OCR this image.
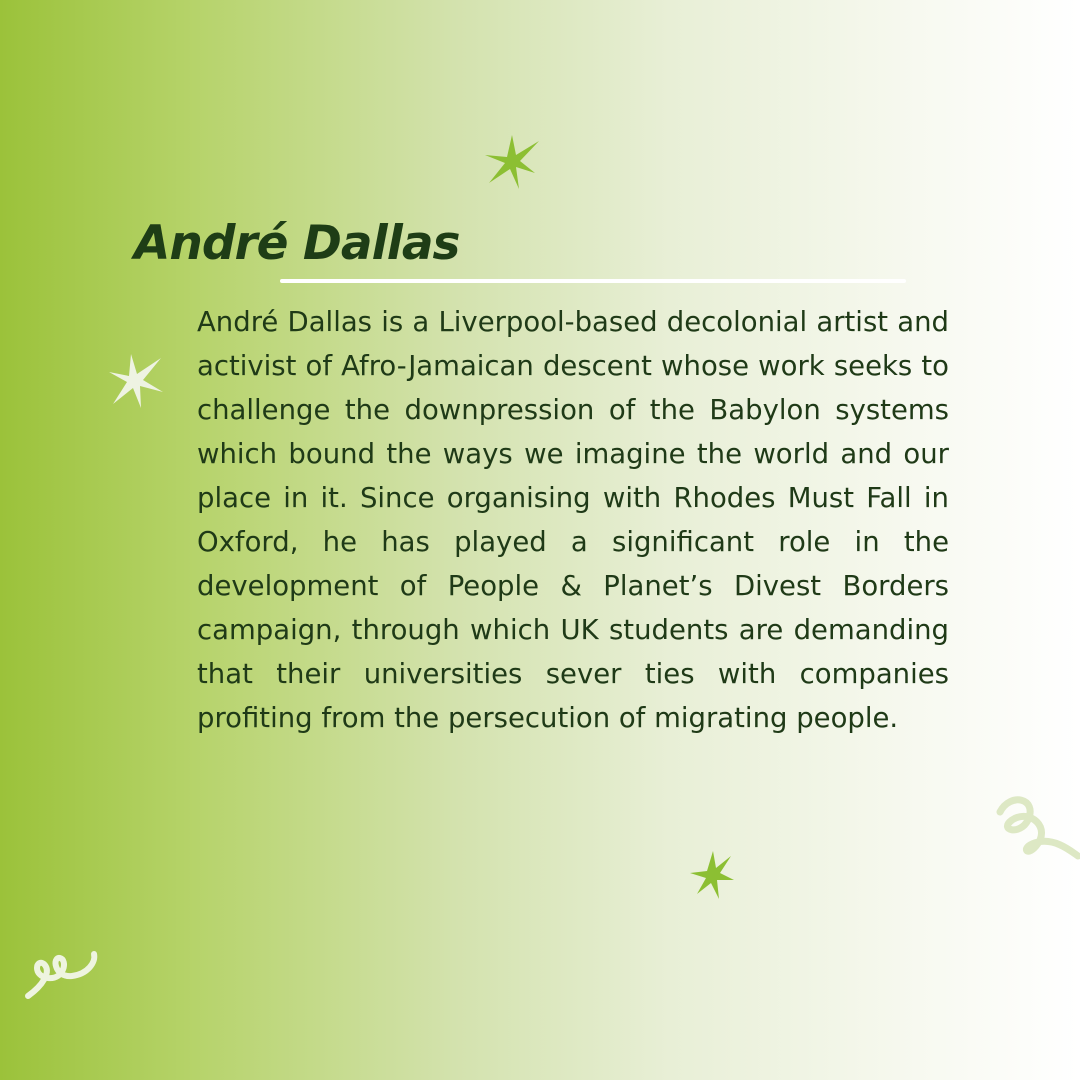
André Dallas

André Dallas is a Liverpool-based decolonial artist and activist of Afro-Jamaican descent whose work seeks to challenge the downpression of the Babylon systems which bound the ways we imagine the world and our place in it. Since organising with Rhodes Must Fall in Oxford, he has played a significant role in the development of People & Planet’s Divest Borders campaign, through which UK students are demanding that their universities sever ties with companies profiting from the persecution of migrating people.
